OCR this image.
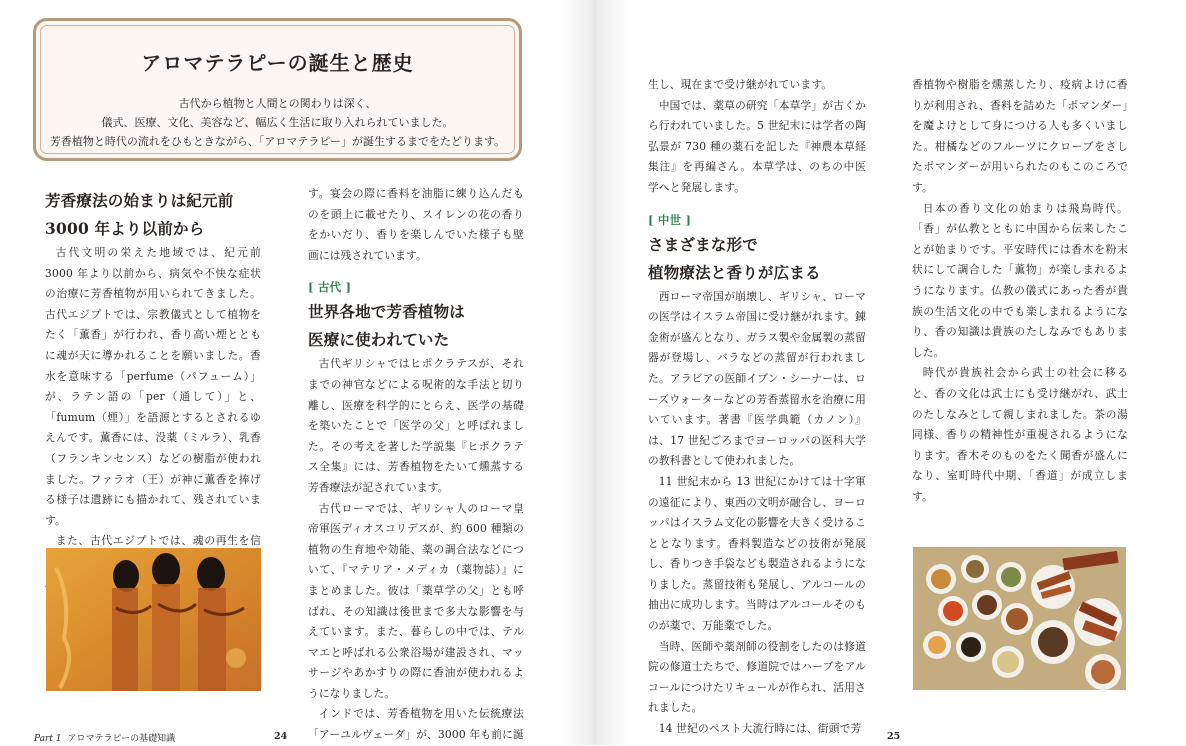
アロマテラピーの誕生と歴史
古代から植物と人間との関わりは深く、
儀式、医療、文化、美容など、幅広く生活に取り入れられていました。
芳香植物と時代の流れをひもときながら、「アロマテラピー」が誕生するまでをたどります。
芳香療法の始まりは紀元前
3000 年より以前から

古代文明の栄えた地域では、紀元前 3000 年より以前から、病気や不快な症状の治療に芳香植物が用いられてきました。古代エジプトでは、宗教儀式として植物をたく「薫香」が行われ、香り高い煙とともに魂が天に導かれることを願いました。香水を意味する「perfume（パフューム）」が、ラテン語の「per（通して）」と、「fumum（煙）」を語源とするとされるゆえんです。薫香には、没薬（ミルラ）、乳香（フランキンセンス）などの樹脂が使われました。ファラオ（王）が神に薫香を捧げる様子は遺跡にも描かれて、残されています。

また、古代エジプトでは、魂の再生を信

す。宴会の際に香料を油脂に練り込んだものを頭上に載せたり、スイレンの花の香りをかいだり、香りを楽しんでいた様子も壁画には残されています。

[ 古代 ]
世界各地で芳香植物は
医療に使われていた

古代ギリシャではヒポクラテスが、それまでの神官などによる呪術的な手法と切り離し、医療を科学的にとらえ、医学の基礎を築いたことで「医学の父」と呼ばれました。その考えを著した学説集『ヒポクラテス全集』には、芳香植物をたいて燻蒸する芳香療法が記されています。

古代ローマでは、ギリシャ人のローマ皇帝軍医ディオスコリデスが、約 600 種類の植物の生育地や効能、薬の調合法などについて、『マテリア・メディカ（薬物誌）』にまとめました。彼は「薬草学の父」とも呼ばれ、その知識は後世まで多大な影響を与えています。また、暮らしの中では、テルマエと呼ばれる公衆浴場が建設され、マッサージやあかすりの際に香油が使われるようになりました。

インドでは、芳香植物を用いた伝統療法「アーユルヴェーダ」が、3000 年も前に誕

生し、現在まで受け継がれています。

中国では、薬草の研究「本草学」が古くから行われていました。5 世紀末には学者の陶弘景が 730 種の薬石を記した『神農本草経集注』を再編さん。本草学は、のちの中医学へと発展します。

[ 中世 ]
さまざまな形で
植物療法と香りが広まる

西ローマ帝国が崩壊し、ギリシャ、ローマの医学はイスラム帝国に受け継がれます。錬金術が盛んとなり、ガラス製や金属製の蒸留器が登場し、バラなどの蒸留が行われました。アラビアの医師イブン・シーナーは、ローズウォーターなどの芳香蒸留水を治療に用いています。著書『医学典範（カノン）』は、17 世紀ごろまでヨーロッパの医科大学の教科書として使われました。

11 世紀末から 13 世紀にかけては十字軍の遠征により、東西の文明が融合し、ヨーロッパはイスラム文化の影響を大きく受けることとなります。香料製造などの技術が発展し、香りつき手袋なども製造されるようになりました。蒸留技術も発展し、アルコールの抽出に成功します。当時はアルコールそのものが薬で、万能薬でした。

当時、医師や薬剤師の役割をしたのは修道院の修道士たちで、修道院ではハーブをアルコールにつけたリキュールが作られ、活用されました。

14 世紀のペスト大流行時には、街頭で芳

香植物や樹脂を燻蒸したり、疫病よけに香りが利用され、香料を詰めた「ポマンダー」を魔よけとして身につける人も多くいました。柑橘などのフルーツにクローブをさしたポマンダーが用いられたのもこのころです。

日本の香り文化の始まりは飛鳥時代。「香」が仏教とともに中国から伝来したことが始まりです。平安時代には香木を粉末状にして調合した「薫物」が楽しまれるようになります。仏教の儀式にあった香が貴族の生活文化の中でも楽しまれるようになり、香の知識は貴族のたしなみでもありました。

時代が貴族社会から武士の社会に移ると、香の文化は武士にも受け継がれ、武士のたしなみとして親しまれました。茶の湯同様、香りの精神性が重視されるようになります。香木そのものをたく聞香が盛んになり、室町時代中期、「香道」が成立します。

Part 1 アロマテラピーの基礎知識	24	25
